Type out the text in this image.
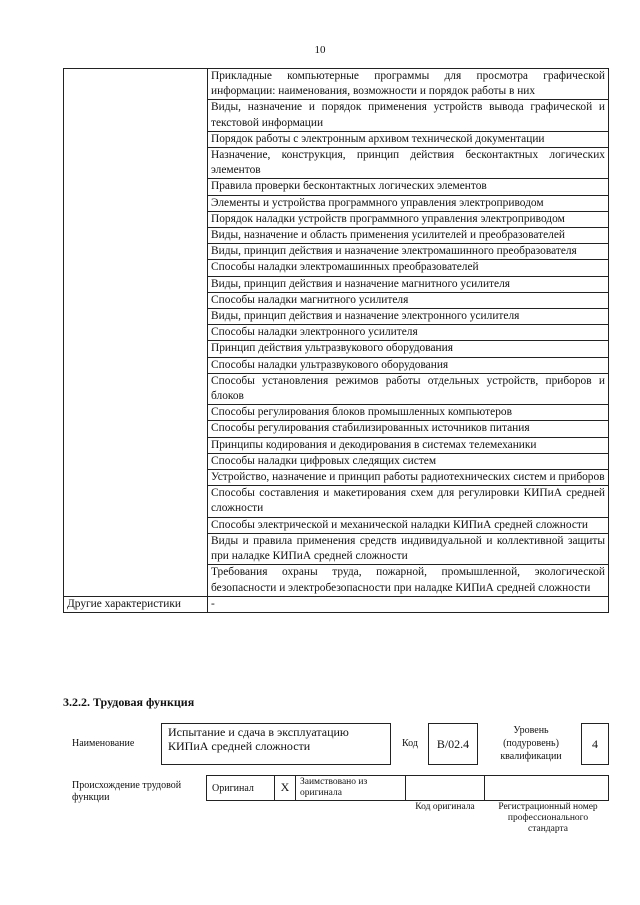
10
	Прикладные компьютерные программы для просмотра графической информации: наименования, возможности и порядок работы в них
	Виды, назначение и порядок применения устройств вывода графической и текстовой информации
	Порядок работы с электронным архивом технической документации
	Назначение, конструкция, принцип действия бесконтактных логических элементов
	Правила проверки бесконтактных логических элементов
	Элементы и устройства программного управления электроприводом
	Порядок наладки устройств программного управления электроприводом
	Виды, назначение и область применения усилителей и преобразователей
	Виды, принцип действия и назначение электромашинного преобразователя
	Способы наладки электромашинных преобразователей
	Виды, принцип действия и назначение магнитного усилителя
	Способы наладки магнитного усилителя
	Виды, принцип действия и назначение электронного усилителя
	Способы наладки электронного усилителя
	Принцип действия ультразвукового оборудования
	Способы наладки ультразвукового оборудования
	Способы установления режимов работы отдельных устройств, приборов и блоков
	Способы регулирования блоков промышленных компьютеров
	Способы регулирования стабилизированных источников питания
	Принципы кодирования и декодирования в системах телемеханики
	Способы наладки цифровых следящих систем
	Устройство, назначение и принцип работы радиотехнических систем и приборов
	Способы составления и макетирования схем для регулировки КИПиА средней сложности
	Способы электрической и механической наладки КИПиА средней сложности
	Виды и правила применения средств индивидуальной и коллективной защиты при наладке КИПиА средней сложности
	Требования охраны труда, пожарной, промышленной, экологической безопасности и электробезопасности при наладке КИПиА средней сложности
Другие характеристики	-
3.2.2. Трудовая функция
Наименование
Испытание и сдача в эксплуатацию КИПиА средней сложности	Код	B/02.4
Уровень (подуровень) квалификации
4
Происхождение трудовой функции
Оригинал	X	Заимствовано из оригинала
Код оригинала	Регистрационный номер профессионального стандарта
